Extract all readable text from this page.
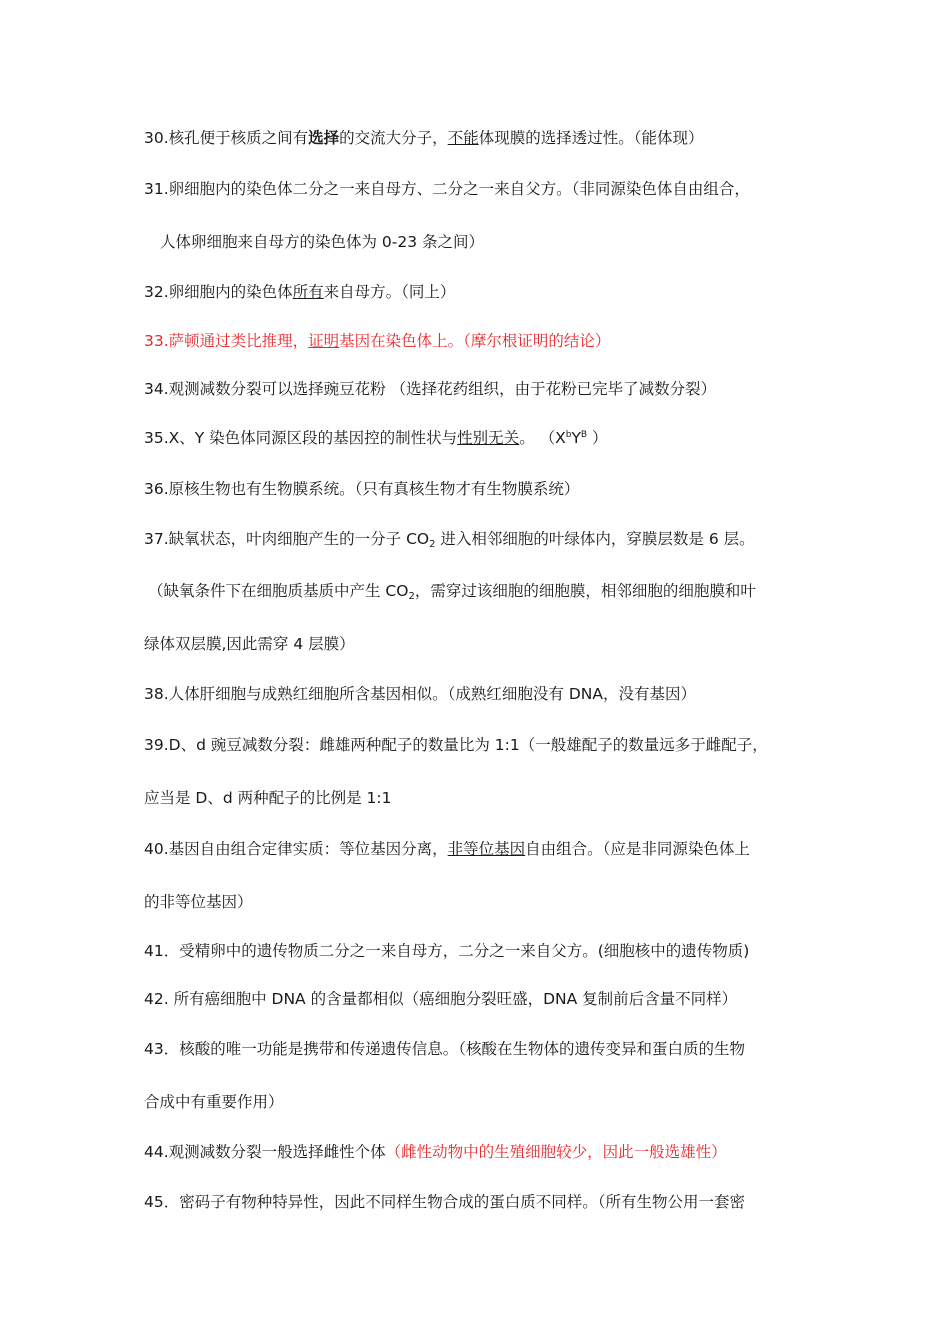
30.核孔便于核质之间有选择的交流大分子，不能体现膜的选择透过性。（能体现）
31.卵细胞内的染色体二分之一来自母方、二分之一来自父方。（非同源染色体自由组合，
人体卵细胞来自母方的染色体为 0-23 条之间）
32.卵细胞内的染色体所有来自母方。（同上）
33.萨顿通过类比推理，证明基因在染色体上。（摩尔根证明的结论）
34.观测减数分裂可以选择豌豆花粉 （选择花药组织，由于花粉已完毕了减数分裂）
35.X、Y 染色体同源区段的基因控的制性状与性别无关。 （$X^bY^B$ ）
36.原核生物也有生物膜系统。（只有真核生物才有生物膜系统）
37.缺氧状态，叶肉细胞产生的一分子 $CO_2$ 进入相邻细胞的叶绿体内，穿膜层数是 6 层。
（缺氧条件下在细胞质基质中产生 $CO_2$，需穿过该细胞的细胞膜，相邻细胞的细胞膜和叶
绿体双层膜,因此需穿 4 层膜）
38.人体肝细胞与成熟红细胞所含基因相似。（成熟红细胞没有 DNA，没有基因）
39.D、d 豌豆减数分裂：雌雄两种配子的数量比为 1:1（一般雄配子的数量远多于雌配子，
应当是 D、d 两种配子的比例是 1:1
40.基因自由组合定律实质：等位基因分离，非等位基因自由组合。（应是非同源染色体上
的非等位基因）
41．受精卵中的遗传物质二分之一来自母方，二分之一来自父方。(细胞核中的遗传物质)
42. 所有癌细胞中 DNA 的含量都相似（癌细胞分裂旺盛，DNA 复制前后含量不同样）
43．核酸的唯一功能是携带和传递遗传信息。（核酸在生物体的遗传变异和蛋白质的生物
合成中有重要作用）
44.观测减数分裂一般选择雌性个体（雌性动物中的生殖细胞较少，因此一般选雄性）
45．密码子有物种特异性，因此不同样生物合成的蛋白质不同样。（所有生物公用一套密
